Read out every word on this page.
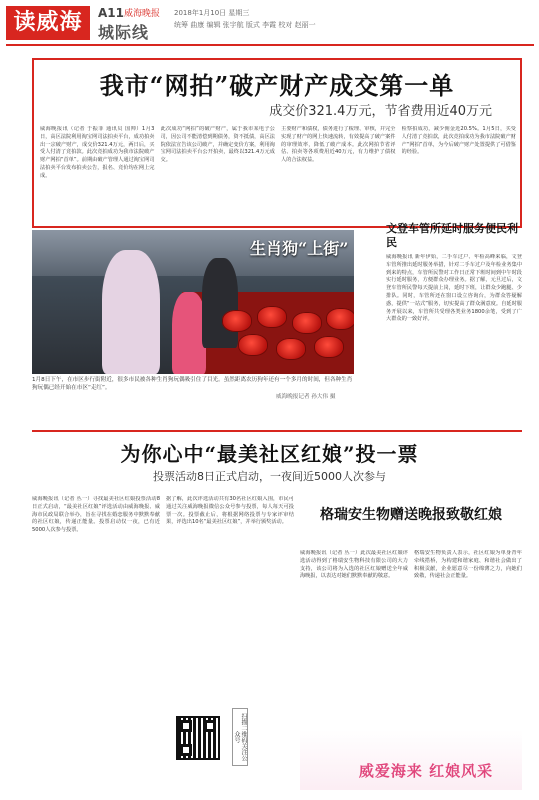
读威海	A11
城际线
威海晚报 2018年1月10日 星期三
统筹 曲康 编辑 张宇航 版式 李霞 校对 赵丽一
我市“网拍”破产财产成交第一单
成交价321.4万元，节省费用近40万元
威海晚报讯（记者 于振菲 通讯员 国帅）1月3日，高区法院利用淘宝网司法拍卖平台，成功拍卖出一宗破产财产，成交价321.4万元，两日后，买受人付清了竞拍款。此次竞拍成功为我市法院破产财产网拍“首单”。前期由破产管理人通过淘宝网司法拍卖平台发布拍卖公告，报名、竞价均在网上完成。
此次成功“网拍”的破产财产，属于我市某电子公司，因公司不能清偿到期债务，资不抵债，高区法院依法宣告该公司破产，并确定变价方案，利用淘宝网司法拍卖平台公开拍卖，最终以321.4万元成交。
主要财产和债权，债务进行了梳理、审核，并完全实现了财产的网上快速流转，有效提高了破产案件的审理效率，降低了破产成本。此次网拍节省评估、拍卖等各项费用近40万元，有力维护了债权人的合法权益。
检察拍成功，减少佣金近20.5%。1月5日，买受人付清了竞拍款，此次竞拍成功为我市法院破产财产“网拍”首单，为今后破产财产处置提供了可借鉴的经验。
生肖狗“上街”
1月8日下午，在市区步行街附近，很多市民被各种生肖狗玩偶吸引住了目光。虽然距离农历狗年还有一个多月的时间，但各种生肖狗玩偶已经开始在市区“走红”。
威海晚报记者 孙大伟 摄
文登车管所延时服务便民利民
威海晚报讯 新年伊始，二手车过户、年检高峰来临，文登车管所推出延时服务举措，针对二手车过户及年检业务集中到来的特点，车管所民警对工作日正常下班时间到中午时段实行延时服务，方便群众办理业务。据了解，元旦过后，文登车管所民警每天提前上岗，延时下班，让群众少跑腿、少排队。同时，车管所还在窗口设立咨询台，为群众答疑解惑，提供“一站式”服务，切实提高了群众满意度。自延时服务开展以来，车管所共受理各类业务1800余笔，受到了广大群众的一致好评。
为你心中“最美社区红娘”投一票
投票活动8日正式启动，一夜间近5000人次参与
威海晚报讯（记者 丛一）寻找最美社区红娘投票活动8日正式启动，“最美社区红娘”评选活动由威海晚报、威海市民政局联合举办，旨在寻找在婚恋服务中默默奉献的社区红娘，传递正能量。投票启动仅一夜，已有近5000人次参与投票。
据了解，此次评选活动共有30名社区红娘入围，市民可通过关注威海晚报微信公众号参与投票，每人每天可投票一次。投票截止后，将根据网络投票与专家评审结果，评选出10名“最美社区红娘”，并举行颁奖活动。	格瑞安生物赠送晚报致敬红娘
威海晚报讯（记者 丛一）此次最美社区红娘评选活动得到了格瑞安生物科技有限公司的大力支持，该公司将为入选的社区红娘赠送全年威海晚报，以表达对她们默默奉献的敬意。
格瑞安生物负责人表示，社区红娘为单身青年牵线搭桥，为构建和谐家庭、和谐社会做出了积极贡献，企业愿意尽一份绵薄之力，向她们致敬，传递社会正能量。
扫描二维码关注公众号
威爱海来 红娘风采
